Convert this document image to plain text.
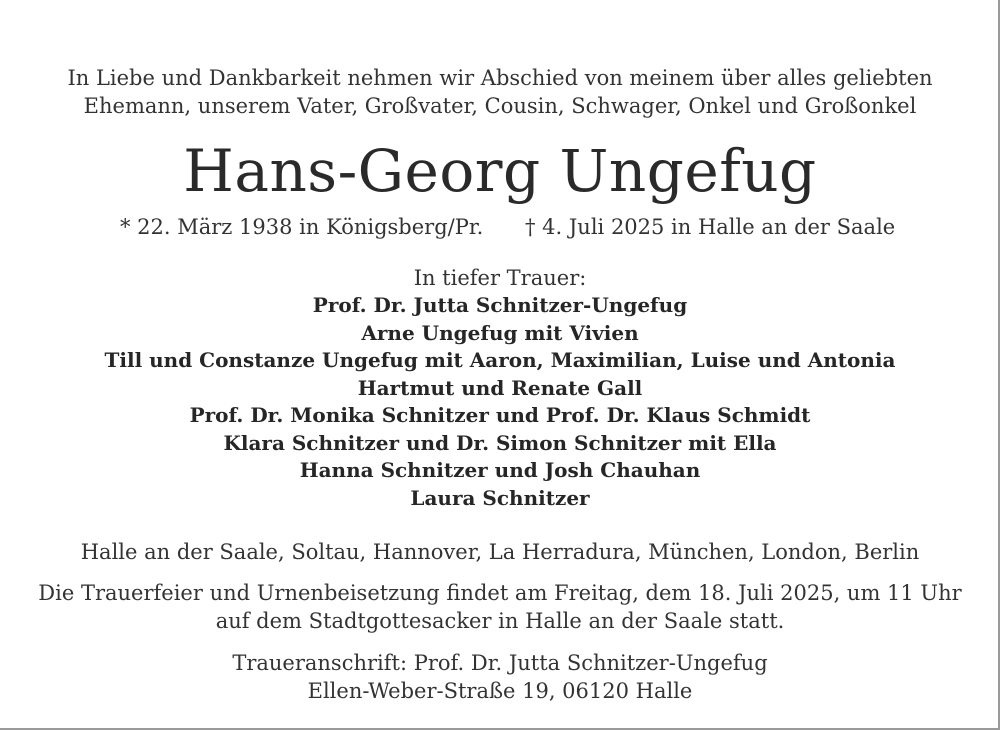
In Liebe und Dankbarkeit nehmen wir Abschied von meinem über alles geliebten
Ehemann, unserem Vater, Großvater, Cousin, Schwager, Onkel und Großonkel
Hans-Georg Ungefug
* 22. März 1938 in Königsberg/Pr. † 4. Juli 2025 in Halle an der Saale
In tiefer Trauer:
Prof. Dr. Jutta Schnitzer-Ungefug
Arne Ungefug mit Vivien
Till und Constanze Ungefug mit Aaron, Maximilian, Luise und Antonia
Hartmut und Renate Gall
Prof. Dr. Monika Schnitzer und Prof. Dr. Klaus Schmidt
Klara Schnitzer und Dr. Simon Schnitzer mit Ella
Hanna Schnitzer und Josh Chauhan
Laura Schnitzer
Halle an der Saale, Soltau, Hannover, La Herradura, München, London, Berlin
Die Trauerfeier und Urnenbeisetzung findet am Freitag, dem 18. Juli 2025, um 11 Uhr
auf dem Stadtgottesacker in Halle an der Saale statt.
Traueranschrift: Prof. Dr. Jutta Schnitzer-Ungefug
Ellen-Weber-Straße 19, 06120 Halle
